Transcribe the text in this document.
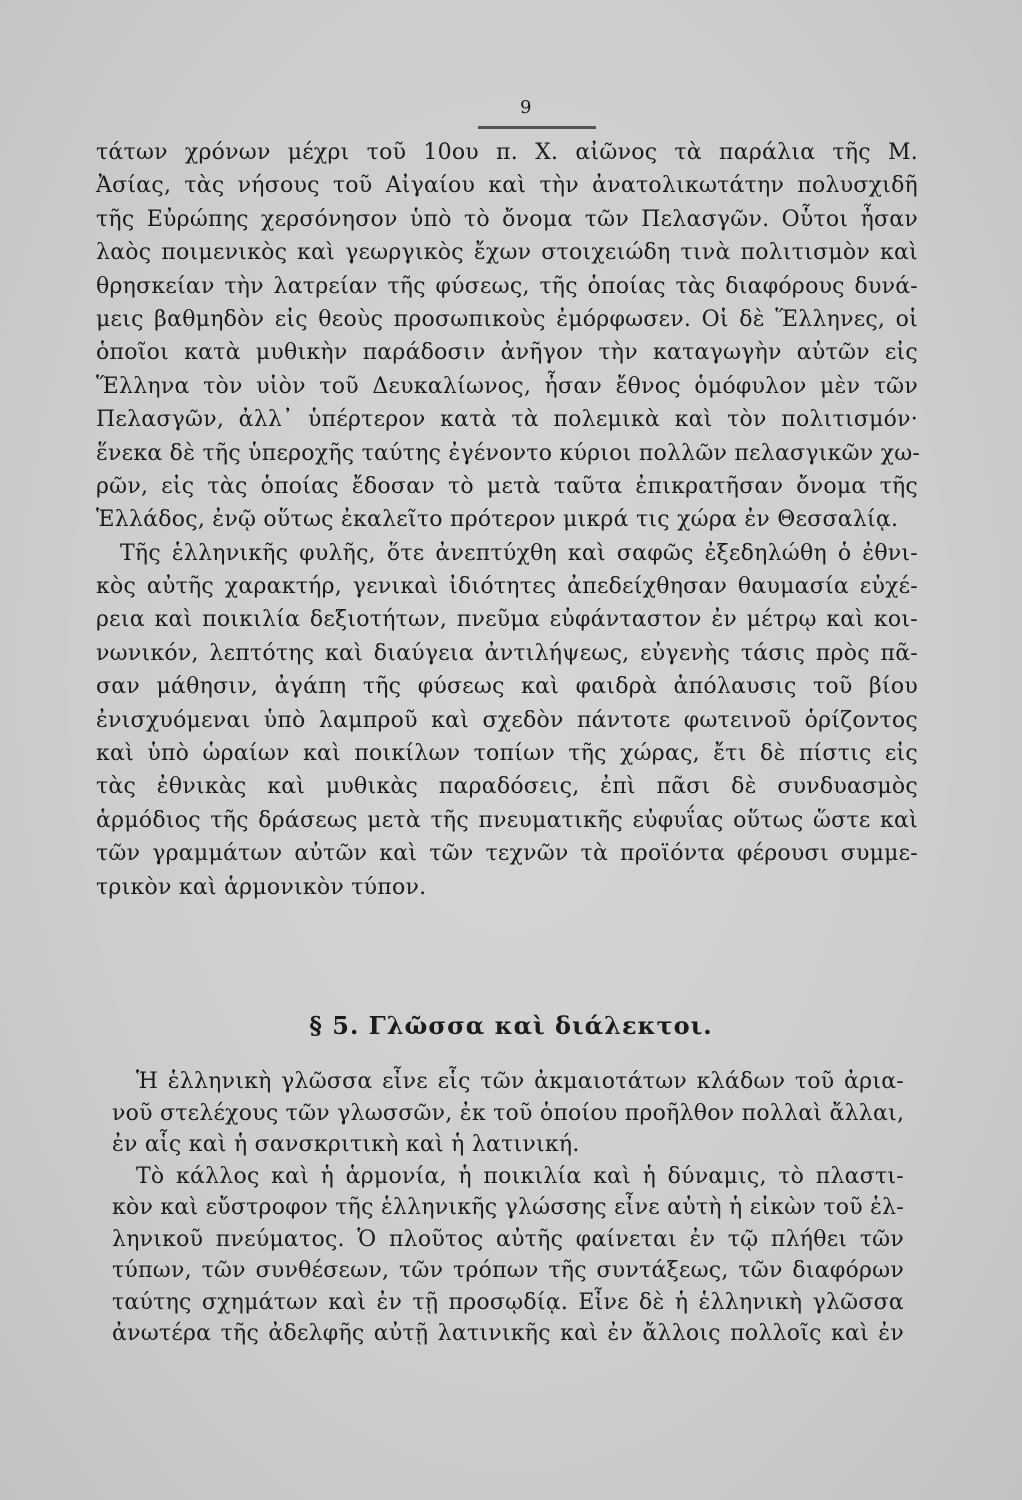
9
τάτων χρόνων μέχρι τοῦ 10ου π. Χ. αἰῶνος τὰ παράλια τῆς Μ.
Ἀσίας, τὰς νήσους τοῦ Αἰγαίου καὶ τὴν ἀνατολικωτάτην πολυσχιδῆ
τῆς Εὐρώπης χερσόνησον ὑπὸ τὸ ὄνομα τῶν Πελασγῶν. Οὗτοι ἦσαν
λαὸς ποιμενικὸς καὶ γεωργικὸς ἔχων στοιχειώδη τινὰ πολιτισμὸν καὶ
θρησκείαν τὴν λατρείαν τῆς φύσεως, τῆς ὁποίας τὰς διαφόρους δυνά-
μεις βαθμηδὸν εἰς θεοὺς προσωπικοὺς ἐμόρφωσεν. Οἱ δὲ Ἕλληνες, οἱ
ὁποῖοι κατὰ μυθικὴν παράδοσιν ἀνῆγον τὴν καταγωγὴν αὐτῶν εἰς
Ἕλληνα τὸν υἱὸν τοῦ Δευκαλίωνος, ἦσαν ἔθνος ὁμόφυλον μὲν τῶν
Πελασγῶν, ἀλλ᾽ ὑπέρτερον κατὰ τὰ πολεμικὰ καὶ τὸν πολιτισμόν·
ἕνεκα δὲ τῆς ὑπεροχῆς ταύτης ἐγένοντο κύριοι πολλῶν πελασγικῶν χω-
ρῶν, εἰς τὰς ὁποίας ἔδοσαν τὸ μετὰ ταῦτα ἐπικρατῆσαν ὄνομα τῆς
Ἑλλάδος, ἐνῷ οὕτως ἐκαλεῖτο πρότερον μικρά τις χώρα ἐν Θεσσαλίᾳ.
Τῆς ἑλληνικῆς φυλῆς, ὅτε ἀνεπτύχθη καὶ σαφῶς ἐξεδηλώθη ὁ ἐθνι-
κὸς αὐτῆς χαρακτήρ, γενικαὶ ἰδιότητες ἀπεδείχθησαν θαυμασία εὐχέ-
ρεια καὶ ποικιλία δεξιοτήτων, πνεῦμα εὐφάνταστον ἐν μέτρῳ καὶ κοι-
νωνικόν, λεπτότης καὶ διαύγεια ἀντιλήψεως, εὐγενὴς τάσις πρὸς πᾶ-
σαν μάθησιν, ἀγάπη τῆς φύσεως καὶ φαιδρὰ ἀπόλαυσις τοῦ βίου
ἐνισχυόμεναι ὑπὸ λαμπροῦ καὶ σχεδὸν πάντοτε φωτεινοῦ ὁρίζοντος
καὶ ὑπὸ ὡραίων καὶ ποικίλων τοπίων τῆς χώρας, ἔτι δὲ πίστις εἰς
τὰς ἐθνικὰς καὶ μυθικὰς παραδόσεις, ἐπὶ πᾶσι δὲ συνδυασμὸς
ἁρμόδιος τῆς δράσεως μετὰ τῆς πνευματικῆς εὐφυΐας οὕτως ὥστε καὶ
τῶν γραμμάτων αὐτῶν καὶ τῶν τεχνῶν τὰ προϊόντα φέρουσι συμμε-
τρικὸν καὶ ἁρμονικὸν τύπον.
§ 5. Γλῶσσα καὶ διάλεκτοι.
Ἡ ἑλληνικὴ γλῶσσα εἶνε εἷς τῶν ἀκμαιοτάτων κλάδων τοῦ ἀρια-
νοῦ στελέχους τῶν γλωσσῶν, ἐκ τοῦ ὁποίου προῆλθον πολλαὶ ἄλλαι,
ἐν αἷς καὶ ἡ σανσκριτικὴ καὶ ἡ λατινική.
Τὸ κάλλος καὶ ἡ ἁρμονία, ἡ ποικιλία καὶ ἡ δύναμις, τὸ πλαστι-
κὸν καὶ εὔστροφον τῆς ἑλληνικῆς γλώσσης εἶνε αὐτὴ ἡ εἰκὼν τοῦ ἑλ-
ληνικοῦ πνεύματος. Ὁ πλοῦτος αὐτῆς φαίνεται ἐν τῷ πλήθει τῶν
τύπων, τῶν συνθέσεων, τῶν τρόπων τῆς συντάξεως, τῶν διαφόρων
ταύτης σχημάτων καὶ ἐν τῇ προσῳδίᾳ. Εἶνε δὲ ἡ ἑλληνικὴ γλῶσσα
ἀνωτέρα τῆς ἀδελφῆς αὐτῇ λατινικῆς καὶ ἐν ἄλλοις πολλοῖς καὶ ἐν
